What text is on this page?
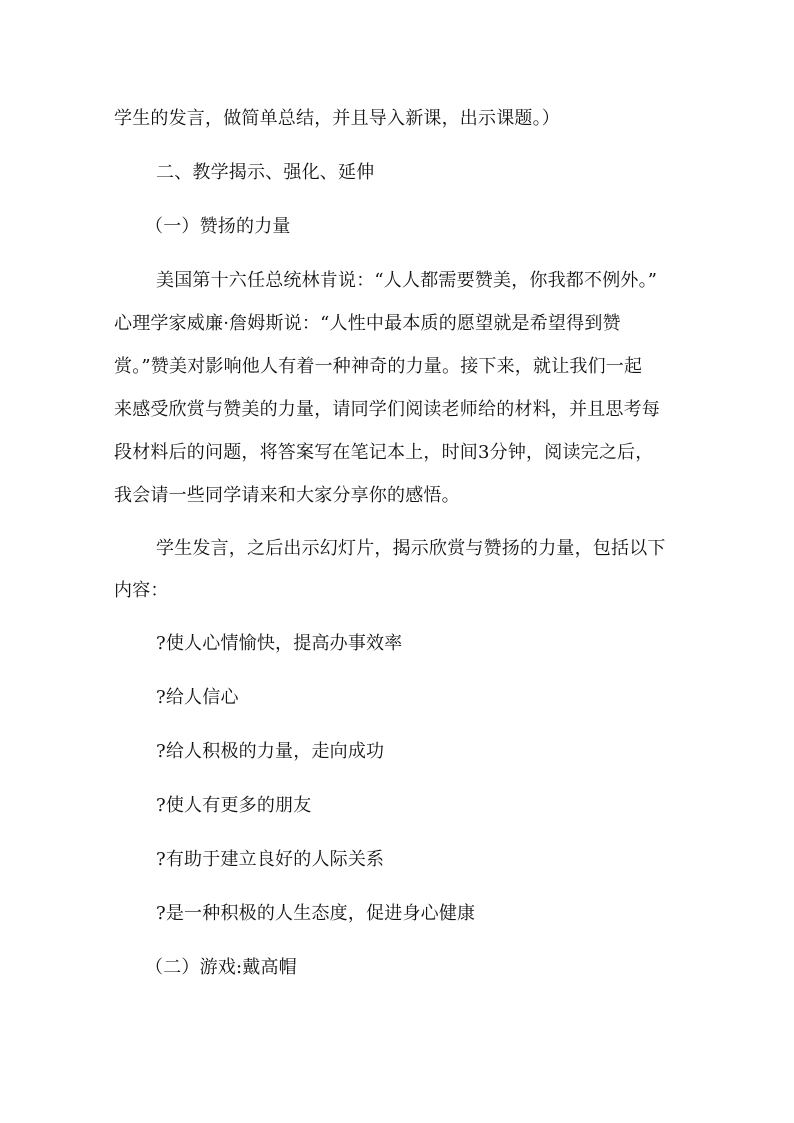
学生的发言，做简单总结，并且导入新课，出示课题。）
二、教学揭示、强化、延伸
（一）赞扬的力量
美国第十六任总统林肯说：“人人都需要赞美，你我都不例外。”
心理学家威廉·詹姆斯说：“人性中最本质的愿望就是希望得到赞
赏。”赞美对影响他人有着一种神奇的力量。接下来，就让我们一起
来感受欣赏与赞美的力量，请同学们阅读老师给的材料，并且思考每
段材料后的问题，将答案写在笔记本上，时间3分钟，阅读完之后，
我会请一些同学请来和大家分享你的感悟。
学生发言，之后出示幻灯片，揭示欣赏与赞扬的力量，包括以下
内容：
?使人心情愉快，提高办事效率
?给人信心
?给人积极的力量，走向成功
?使人有更多的朋友
?有助于建立良好的人际关系
?是一种积极的人生态度，促进身心健康
（二）游戏:戴高帽
